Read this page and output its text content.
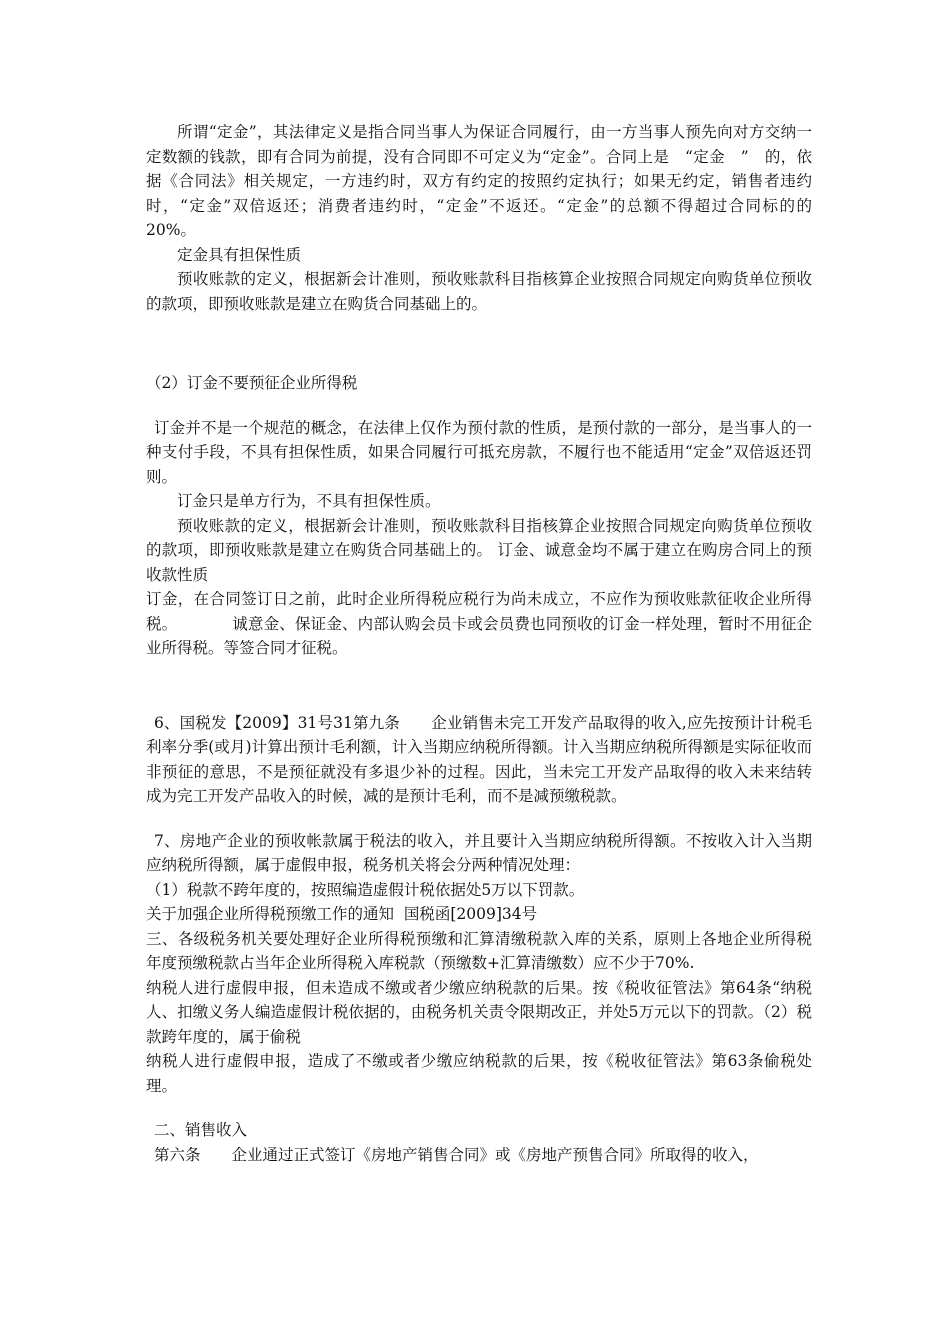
所谓“定金”，其法律定义是指合同当事人为保证合同履行，由一方当事人预先向对方交纳一定数额的钱款，即有合同为前提，没有合同即不可定义为“定金”。合同上是　“定金　”　的，依据《合同法》相关规定，一方违约时，双方有约定的按照约定执行；如果无约定，销售者违约时，“定金”双倍返还；消费者违约时，“定金”不返还。“定金”的总额不得超过合同标的的　20%。

定金具有担保性质

预收账款的定义，根据新会计准则，预收账款科目指核算企业按照合同规定向购货单位预收的款项，即预收账款是建立在购货合同基础上的。

（2）订金不要预征企业所得税

订金并不是一个规范的概念，在法律上仅作为预付款的性质，是预付款的一部分，是当事人的一种支付手段，不具有担保性质，如果合同履行可抵充房款，不履行也不能适用“定金”双倍返还罚则。

订金只是单方行为，不具有担保性质。

预收账款的定义，根据新会计准则，预收账款科目指核算企业按照合同规定向购货单位预收的款项，即预收账款是建立在购货合同基础上的。 订金、诚意金均不属于建立在购房合同上的预收款性质

订金，在合同签订日之前，此时企业所得税应税行为尚未成立，不应作为预收账款征收企业所得税。　　　　诚意金、保证金、内部认购会员卡或会员费也同预收的订金一样处理，暂时不用征企业所得税。等签合同才征税。

6、国税发【2009】31号31第九条　　企业销售未完工开发产品取得的收入,应先按预计计税毛利率分季(或月)计算出预计毛利额，计入当期应纳税所得额。计入当期应纳税所得额是实际征收而非预征的意思，不是预征就没有多退少补的过程。因此，当未完工开发产品取得的收入未来结转成为完工开发产品收入的时候，减的是预计毛利，而不是减预缴税款。

7、房地产企业的预收帐款属于税法的收入，并且要计入当期应纳税所得额。不按收入计入当期应纳税所得额，属于虚假申报，税务机关将会分两种情况处理：

（1）税款不跨年度的，按照编造虚假计税依据处5万以下罚款。

关于加强企业所得税预缴工作的通知  国税函[2009]34号

三、各级税务机关要处理好企业所得税预缴和汇算清缴税款入库的关系，原则上各地企业所得税年度预缴税款占当年企业所得税入库税款（预缴数+汇算清缴数）应不少于70%.

纳税人进行虚假申报，但未造成不缴或者少缴应纳税款的后果。按《税收征管法》第64条“纳税人、扣缴义务人编造虚假计税依据的，由税务机关责令限期改正，并处5万元以下的罚款。（2）税款跨年度的，属于偷税

纳税人进行虚假申报，造成了不缴或者少缴应纳税款的后果，按《税收征管法》第63条偷税处理。

二、销售收入

第六条　　企业通过正式签订《房地产销售合同》或《房地产预售合同》所取得的收入，
